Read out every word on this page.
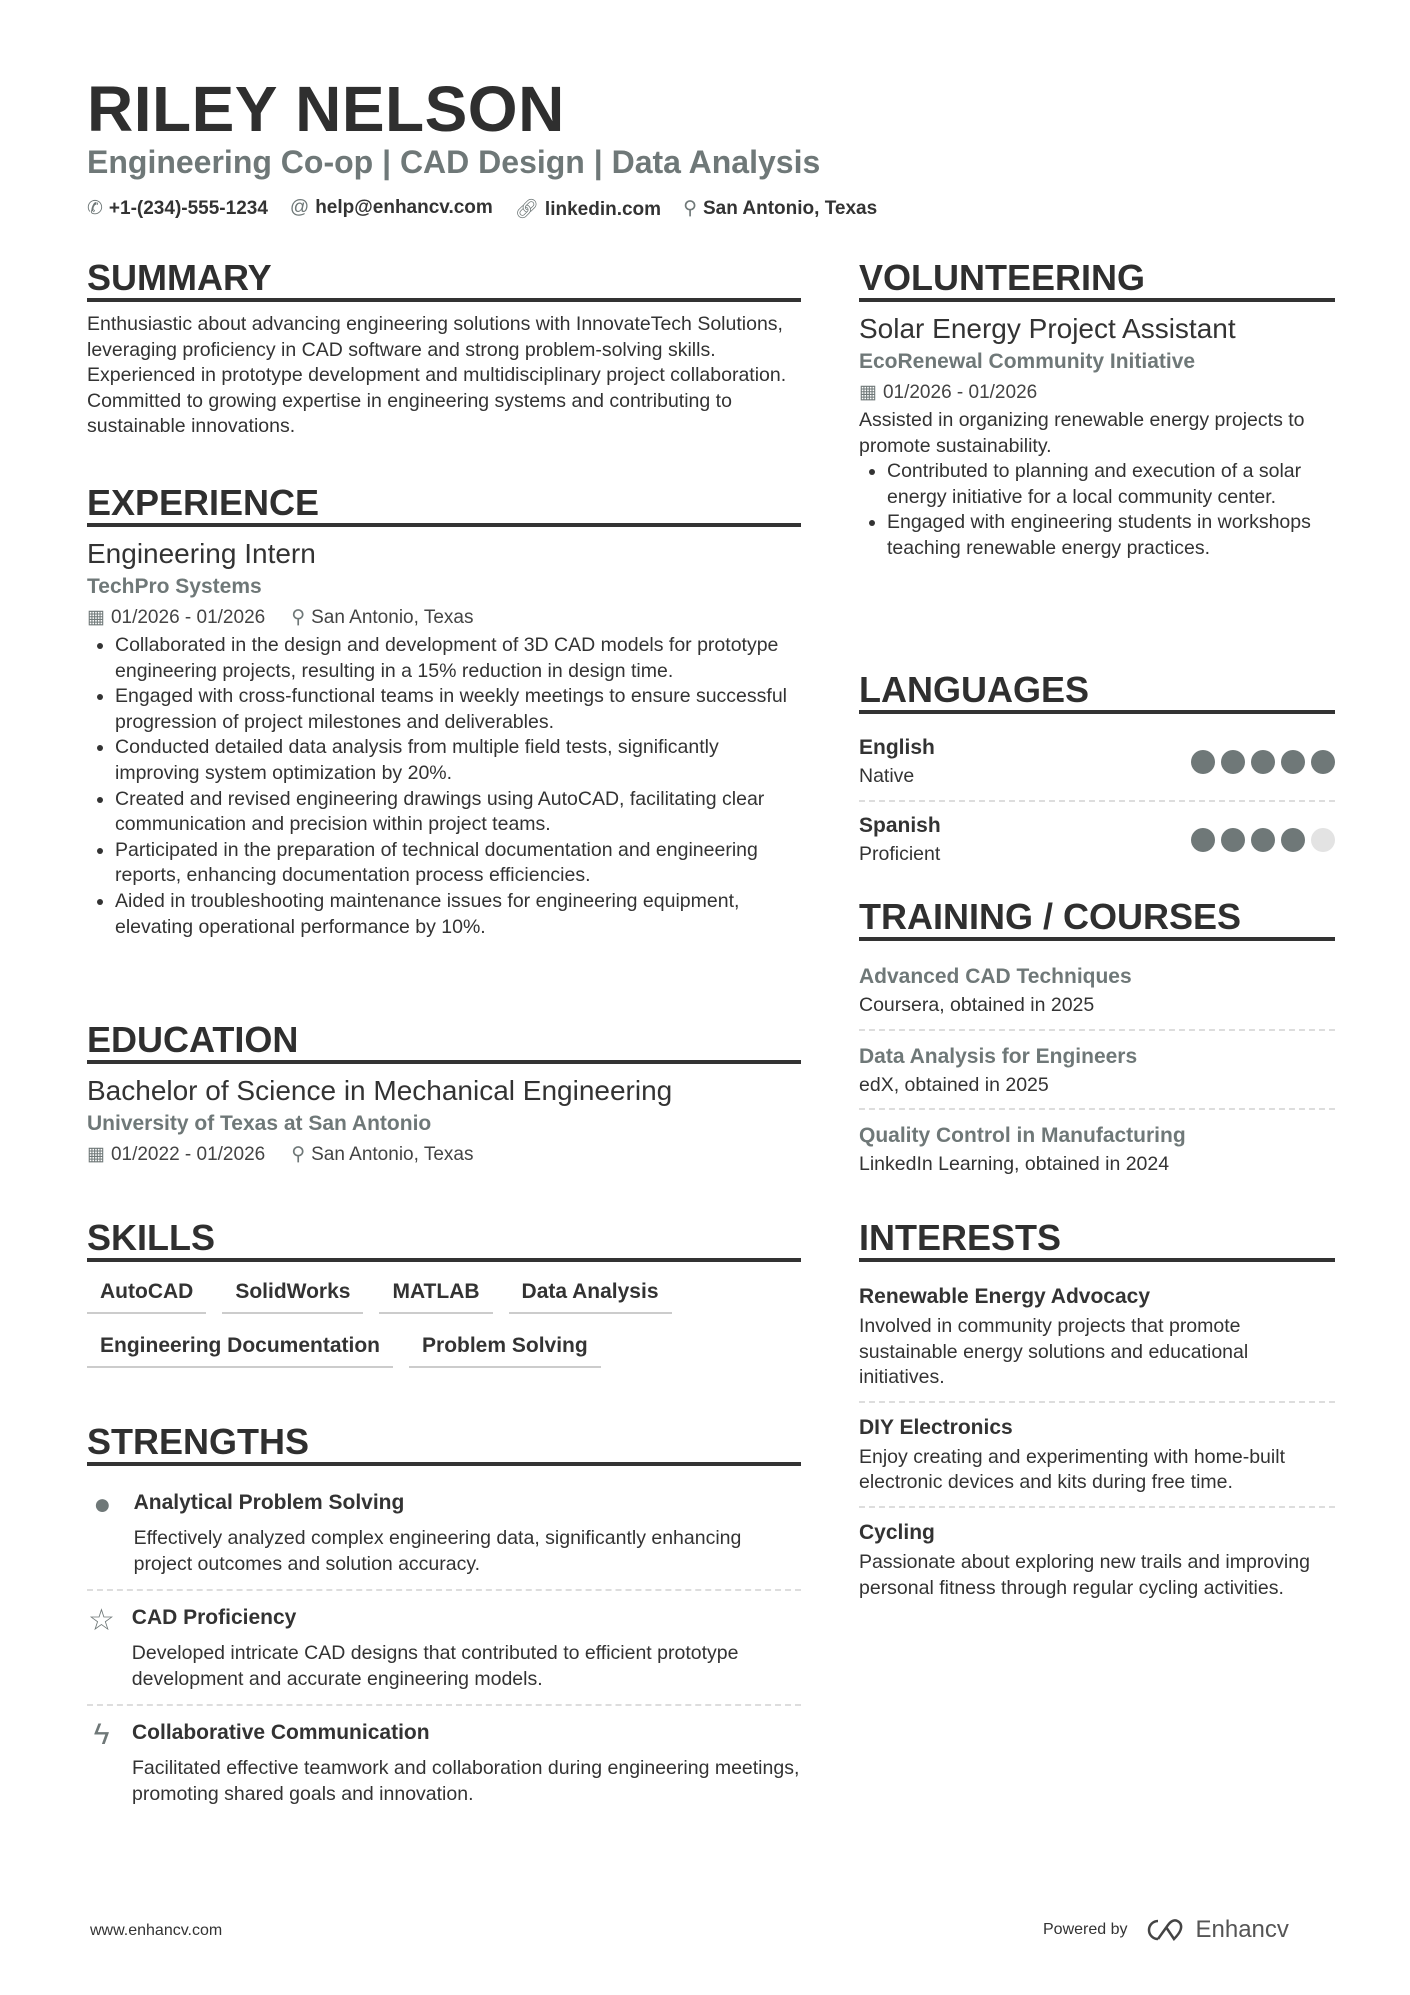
RILEY NELSON
Engineering Co-op | CAD Design | Data Analysis
✆ +1-(234)-555-1234 @ help@enhancv.com 🔗︎ linkedin.com ⚲ San Antonio, Texas
SUMMARY
Enthusiastic about advancing engineering solutions with InnovateTech Solutions, leveraging proficiency in CAD software and strong problem-solving skills. Experienced in prototype development and multidisciplinary project collaboration. Committed to growing expertise in engineering systems and contributing to sustainable innovations.
EXPERIENCE
Engineering Intern
TechPro Systems
▦ 01/2026 - 01/2026 ⚲ San Antonio, Texas
• Collaborated in the design and development of 3D CAD models for prototype engineering projects, resulting in a 15% reduction in design time.
• Engaged with cross-functional teams in weekly meetings to ensure successful progression of project milestones and deliverables.
• Conducted detailed data analysis from multiple field tests, significantly improving system optimization by 20%.
• Created and revised engineering drawings using AutoCAD, facilitating clear communication and precision within project teams.
• Participated in the preparation of technical documentation and engineering reports, enhancing documentation process efficiencies.
• Aided in troubleshooting maintenance issues for engineering equipment, elevating operational performance by 10%.
EDUCATION
Bachelor of Science in Mechanical Engineering
University of Texas at San Antonio
▦ 01/2022 - 01/2026 ⚲ San Antonio, Texas
SKILLS
AutoCAD	SolidWorks	MATLAB	Data Analysis
Engineering Documentation	Problem Solving
STRENGTHS
● Analytical Problem Solving
Effectively analyzed complex engineering data, significantly enhancing project outcomes and solution accuracy.
☆ CAD Proficiency
Developed intricate CAD designs that contributed to efficient prototype development and accurate engineering models.
ϟ	Collaborative Communication
Facilitated effective teamwork and collaboration during engineering meetings, promoting shared goals and innovation.
VOLUNTEERING
Solar Energy Project Assistant
EcoRenewal Community Initiative
▦ 01/2026 - 01/2026
Assisted in organizing renewable energy projects to promote sustainability.
• Contributed to planning and execution of a solar energy initiative for a local community center.
• Engaged with engineering students in workshops teaching renewable energy practices.
LANGUAGES
English
Native
Spanish
Proficient
TRAINING / COURSES
Advanced CAD Techniques
Coursera, obtained in 2025
Data Analysis for Engineers
edX, obtained in 2025
Quality Control in Manufacturing
LinkedIn Learning, obtained in 2024
INTERESTS
Renewable Energy Advocacy
Involved in community projects that promote sustainable energy solutions and educational initiatives.
DIY Electronics
Enjoy creating and experimenting with home-built electronic devices and kits during free time.
Cycling
Passionate about exploring new trails and improving personal fitness through regular cycling activities.
www.enhancv.com	Powered by	Enhancv
